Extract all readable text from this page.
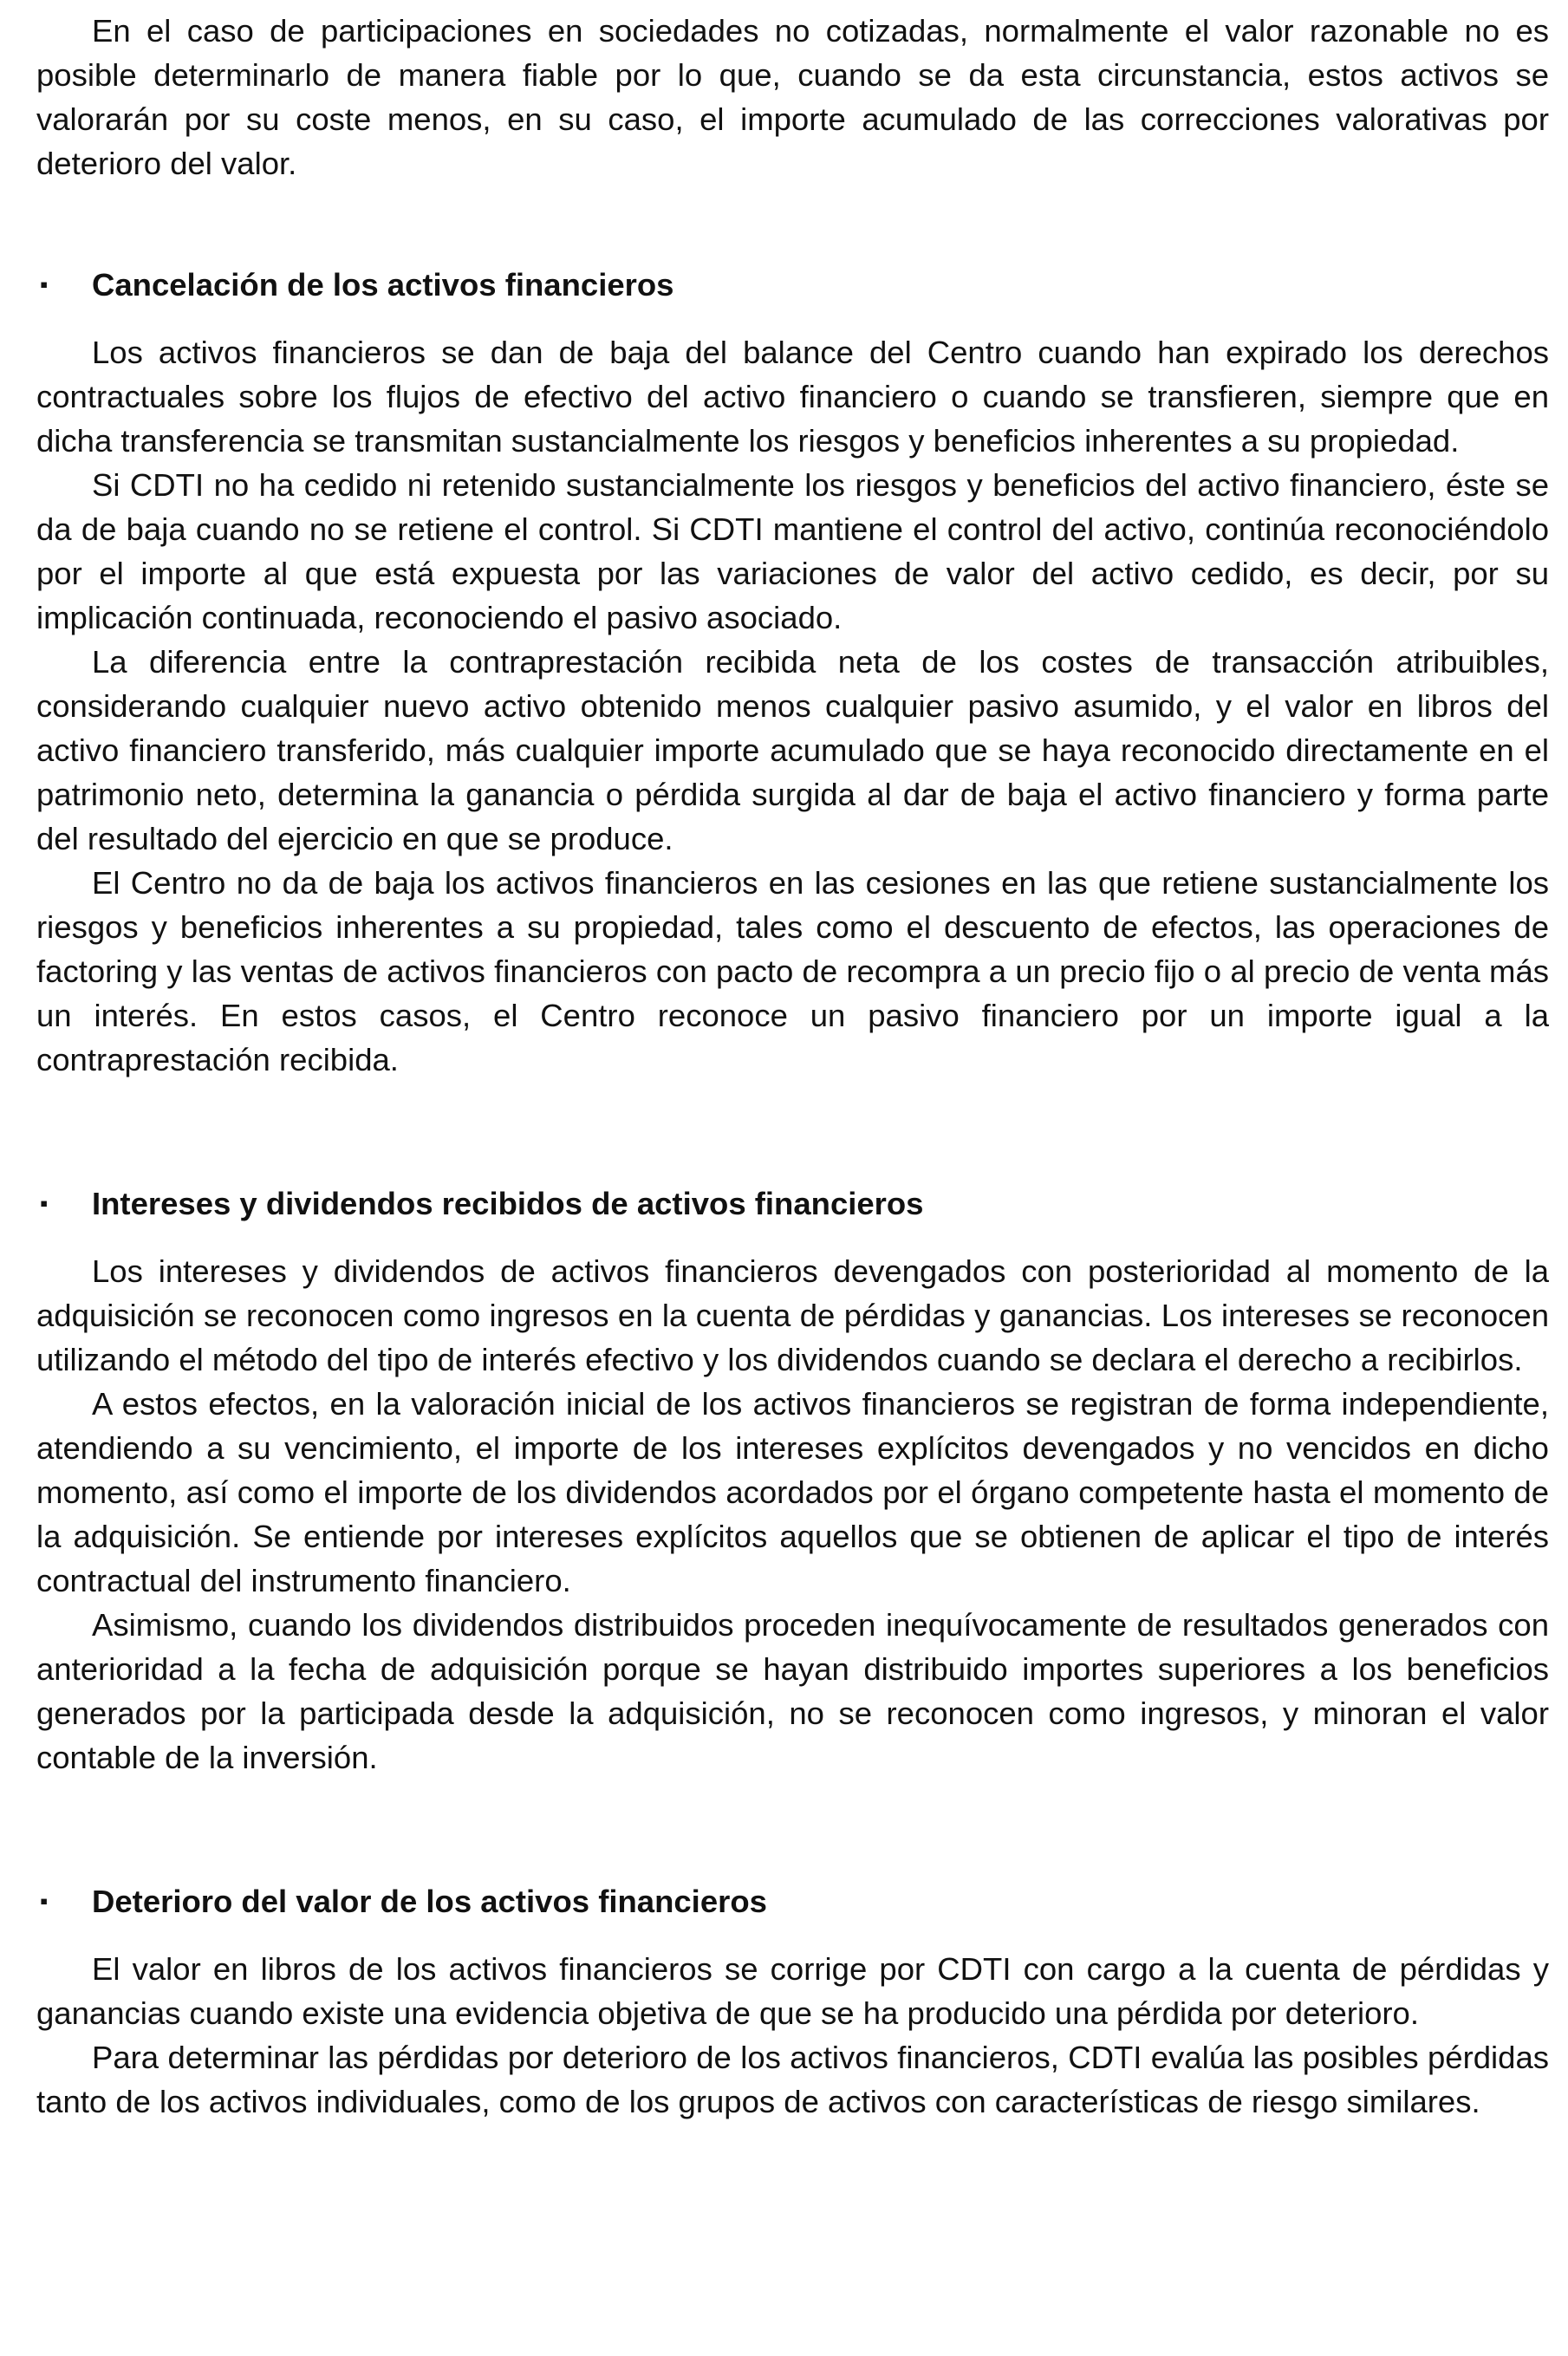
En el caso de participaciones en sociedades no cotizadas, normalmente el valor razonable no es posible determinarlo de manera fiable por lo que, cuando se da esta circunstancia, estos activos se valorarán por su coste menos, en su caso, el importe acumulado de las correcciones valorativas por deterioro del valor.

▪ Cancelación de los activos financieros

Los activos financieros se dan de baja del balance del Centro cuando han expirado los derechos contractuales sobre los flujos de efectivo del activo financiero o cuando se transfieren, siempre que en dicha transferencia se transmitan sustancialmente los riesgos y beneficios inherentes a su propiedad.

Si CDTI no ha cedido ni retenido sustancialmente los riesgos y beneficios del activo financiero, éste se da de baja cuando no se retiene el control. Si CDTI mantiene el control del activo, continúa reconociéndolo por el importe al que está expuesta por las variaciones de valor del activo cedido, es decir, por su implicación continuada, reconociendo el pasivo asociado.

La diferencia entre la contraprestación recibida neta de los costes de transacción atribuibles, considerando cualquier nuevo activo obtenido menos cualquier pasivo asumido, y el valor en libros del activo financiero transferido, más cualquier importe acumulado que se haya reconocido directamente en el patrimonio neto, determina la ganancia o pérdida surgida al dar de baja el activo financiero y forma parte del resultado del ejercicio en que se produce.

El Centro no da de baja los activos financieros en las cesiones en las que retiene sustancialmente los riesgos y beneficios inherentes a su propiedad, tales como el descuento de efectos, las operaciones de factoring y las ventas de activos financieros con pacto de recompra a un precio fijo o al precio de venta más un interés. En estos casos, el Centro reconoce un pasivo financiero por un importe igual a la contraprestación recibida.

▪ Intereses y dividendos recibidos de activos financieros

Los intereses y dividendos de activos financieros devengados con posterioridad al momento de la adquisición se reconocen como ingresos en la cuenta de pérdidas y ganancias. Los intereses se reconocen utilizando el método del tipo de interés efectivo y los dividendos cuando se declara el derecho a recibirlos.

A estos efectos, en la valoración inicial de los activos financieros se registran de forma independiente, atendiendo a su vencimiento, el importe de los intereses explícitos devengados y no vencidos en dicho momento, así como el importe de los dividendos acordados por el órgano competente hasta el momento de la adquisición. Se entiende por intereses explícitos aquellos que se obtienen de aplicar el tipo de interés contractual del instrumento financiero.

Asimismo, cuando los dividendos distribuidos proceden inequívocamente de resultados generados con anterioridad a la fecha de adquisición porque se hayan distribuido importes superiores a los beneficios generados por la participada desde la adquisición, no se reconocen como ingresos, y minoran el valor contable de la inversión.

▪ Deterioro del valor de los activos financieros

El valor en libros de los activos financieros se corrige por CDTI con cargo a la cuenta de pérdidas y ganancias cuando existe una evidencia objetiva de que se ha producido una pérdida por deterioro.

Para determinar las pérdidas por deterioro de los activos financieros, CDTI evalúa las posibles pérdidas tanto de los activos individuales, como de los grupos de activos con características de riesgo similares.
